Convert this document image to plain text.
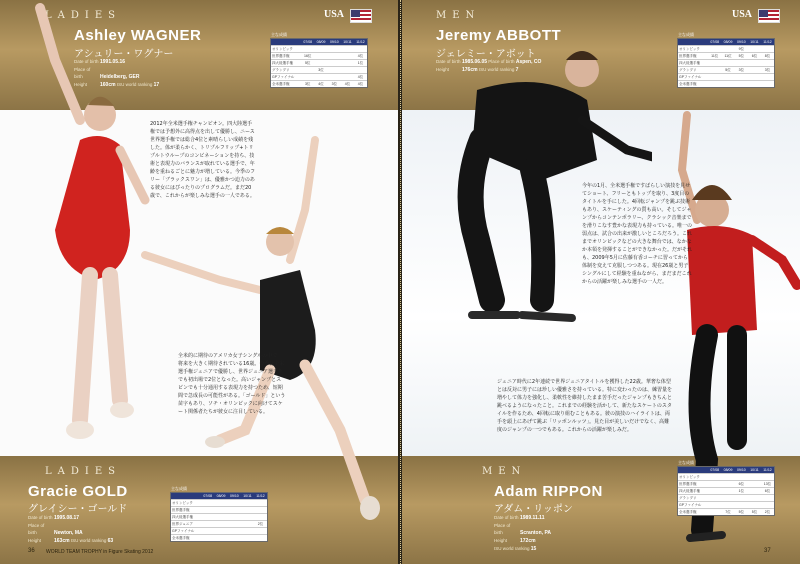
LADIES	USA
Ashley WAGNER
アシュリー・ワグナー
Date of birth1991.05.16
Place of birth	Heidelberg, GER
Height	160cm ISU world ranking 17
主な成績
	07/08	08/09	09/10	10/11	11/12
オリンピック					
世界選手権	16位				4位
四大陸選手権	5位				1位
グランプリ		3位			
GPファイナル					4位
全米選手権	3位	4位	3位	4位	4位
2012年全米選手権チャンピオン。四大陸選手権では予想外に高得点を出して優勝し、ニース世界選手権では総合4位と素晴らしい成績を残した。体が柔らかく、トリプルフリップ+トリプルトウループのコンビネーションを持ち、技術と表現力のバランスが取れている選手で、年齢を重ねるごとに魅力が増している。今季のフリー「ブラックスワン」は、優雅かつ迫力のある彼女にはぴったりのプログラムだ。まだ20歳で、これからが楽しみな選手の一人である。
全米的に期待のアメリカ女子シングルの中で、将来を大きく期待されている16歳。今季は全米選手権ジュニアで優勝し、世界ジュニア選手権でも初出場で2位となった。高いジャンプとスピンでも十分通用する表現力を持つため、短期間で急成長の可能性がある。「ゴールド」という苗字もあり、ソチ・オリンピックに向けてスケート関係者たちが彼女に注目している。
LADIES
Gracie GOLD
グレイシー・ゴールド
Date of birth1995.08.17
Place of birth	Newton, MA
Height	163cm ISU world ranking 63
主な成績
	07/08	08/09	09/10	10/11	11/12
オリンピック					
世界選手権					
四大陸選手権					
世界ジュニア					2位
GPファイナル					
全米選手権					
36 WORLD TEAM TROPHY in Figure Skating 2012
MEN	USA
Jeremy ABBOTT
ジェレミー・アボット
Date of birth1985.06.05 Place of birth Aspen, CO
Height	176cm ISU world ranking 7
主な成績
	07/08	08/09	09/10	10/11	11/12
オリンピック			9位		
世界選手権	11位	11位	5位	6位	8位
四大陸選手権					
グランプリ		5位	3位		3位
GPファイナル					
全米選手権					
今年の1月、全米選手権ですばらしい演技を見せてショート、フリーともトップを取り、3度目のタイトルを手にした。4回転ジャンプを跳ぶ技術もあり、スケーティングの質も高い。そしてジャンプからコンテンポラリー、クラシック音楽までを滑りこなす豊かな表現力も持っている。唯一の弱点は、試合の出来が激しいところだろう。これまでオリンピックなどの大きな舞台では、なかなか本領を発揮することができなかった。だがそれも、2009年5月に佐藤有香コーチに習ってから体制を変えて克服しつつある。現在26歳と男子シングルにして経験を重ねながら、まだまだこれからの活躍が楽しみな選手の一人だ。
ジュニア時代に2年連続で世界ジュニアタイトルを獲得した22歳。華奢な体型とは反対に男子には珍しい優雅さを持っている。特に変わったのは、練習量を増やして体力を強化し、柔軟性を維持したまま苦手だったジャンプもきちんと跳べるようになったこと。これまでの経験を活かして、新たなスケートのスタイルを作るため、4回転に取り組むこともある。彼の演技のハイライトは、両手を頭上にあげて跳ぶ「リッポンルッツ」。見た目が美しいだけでなく、高難度のジャンプの一つでもある。これからの活躍が楽しみだ。
MEN
Adam RIPPON
アダム・リッポン
Date of birth1989.11.11
Place of birth	Scranton, PA
Height	172cm
ISU world ranking 15
主な成績
	07/08	08/09	09/10	10/11	11/12
オリンピック					
世界選手権			6位		13位
四大陸選手権			1位		6位
グランプリ					
GPファイナル					
全米選手権		7位	5位	5位	2位
37
